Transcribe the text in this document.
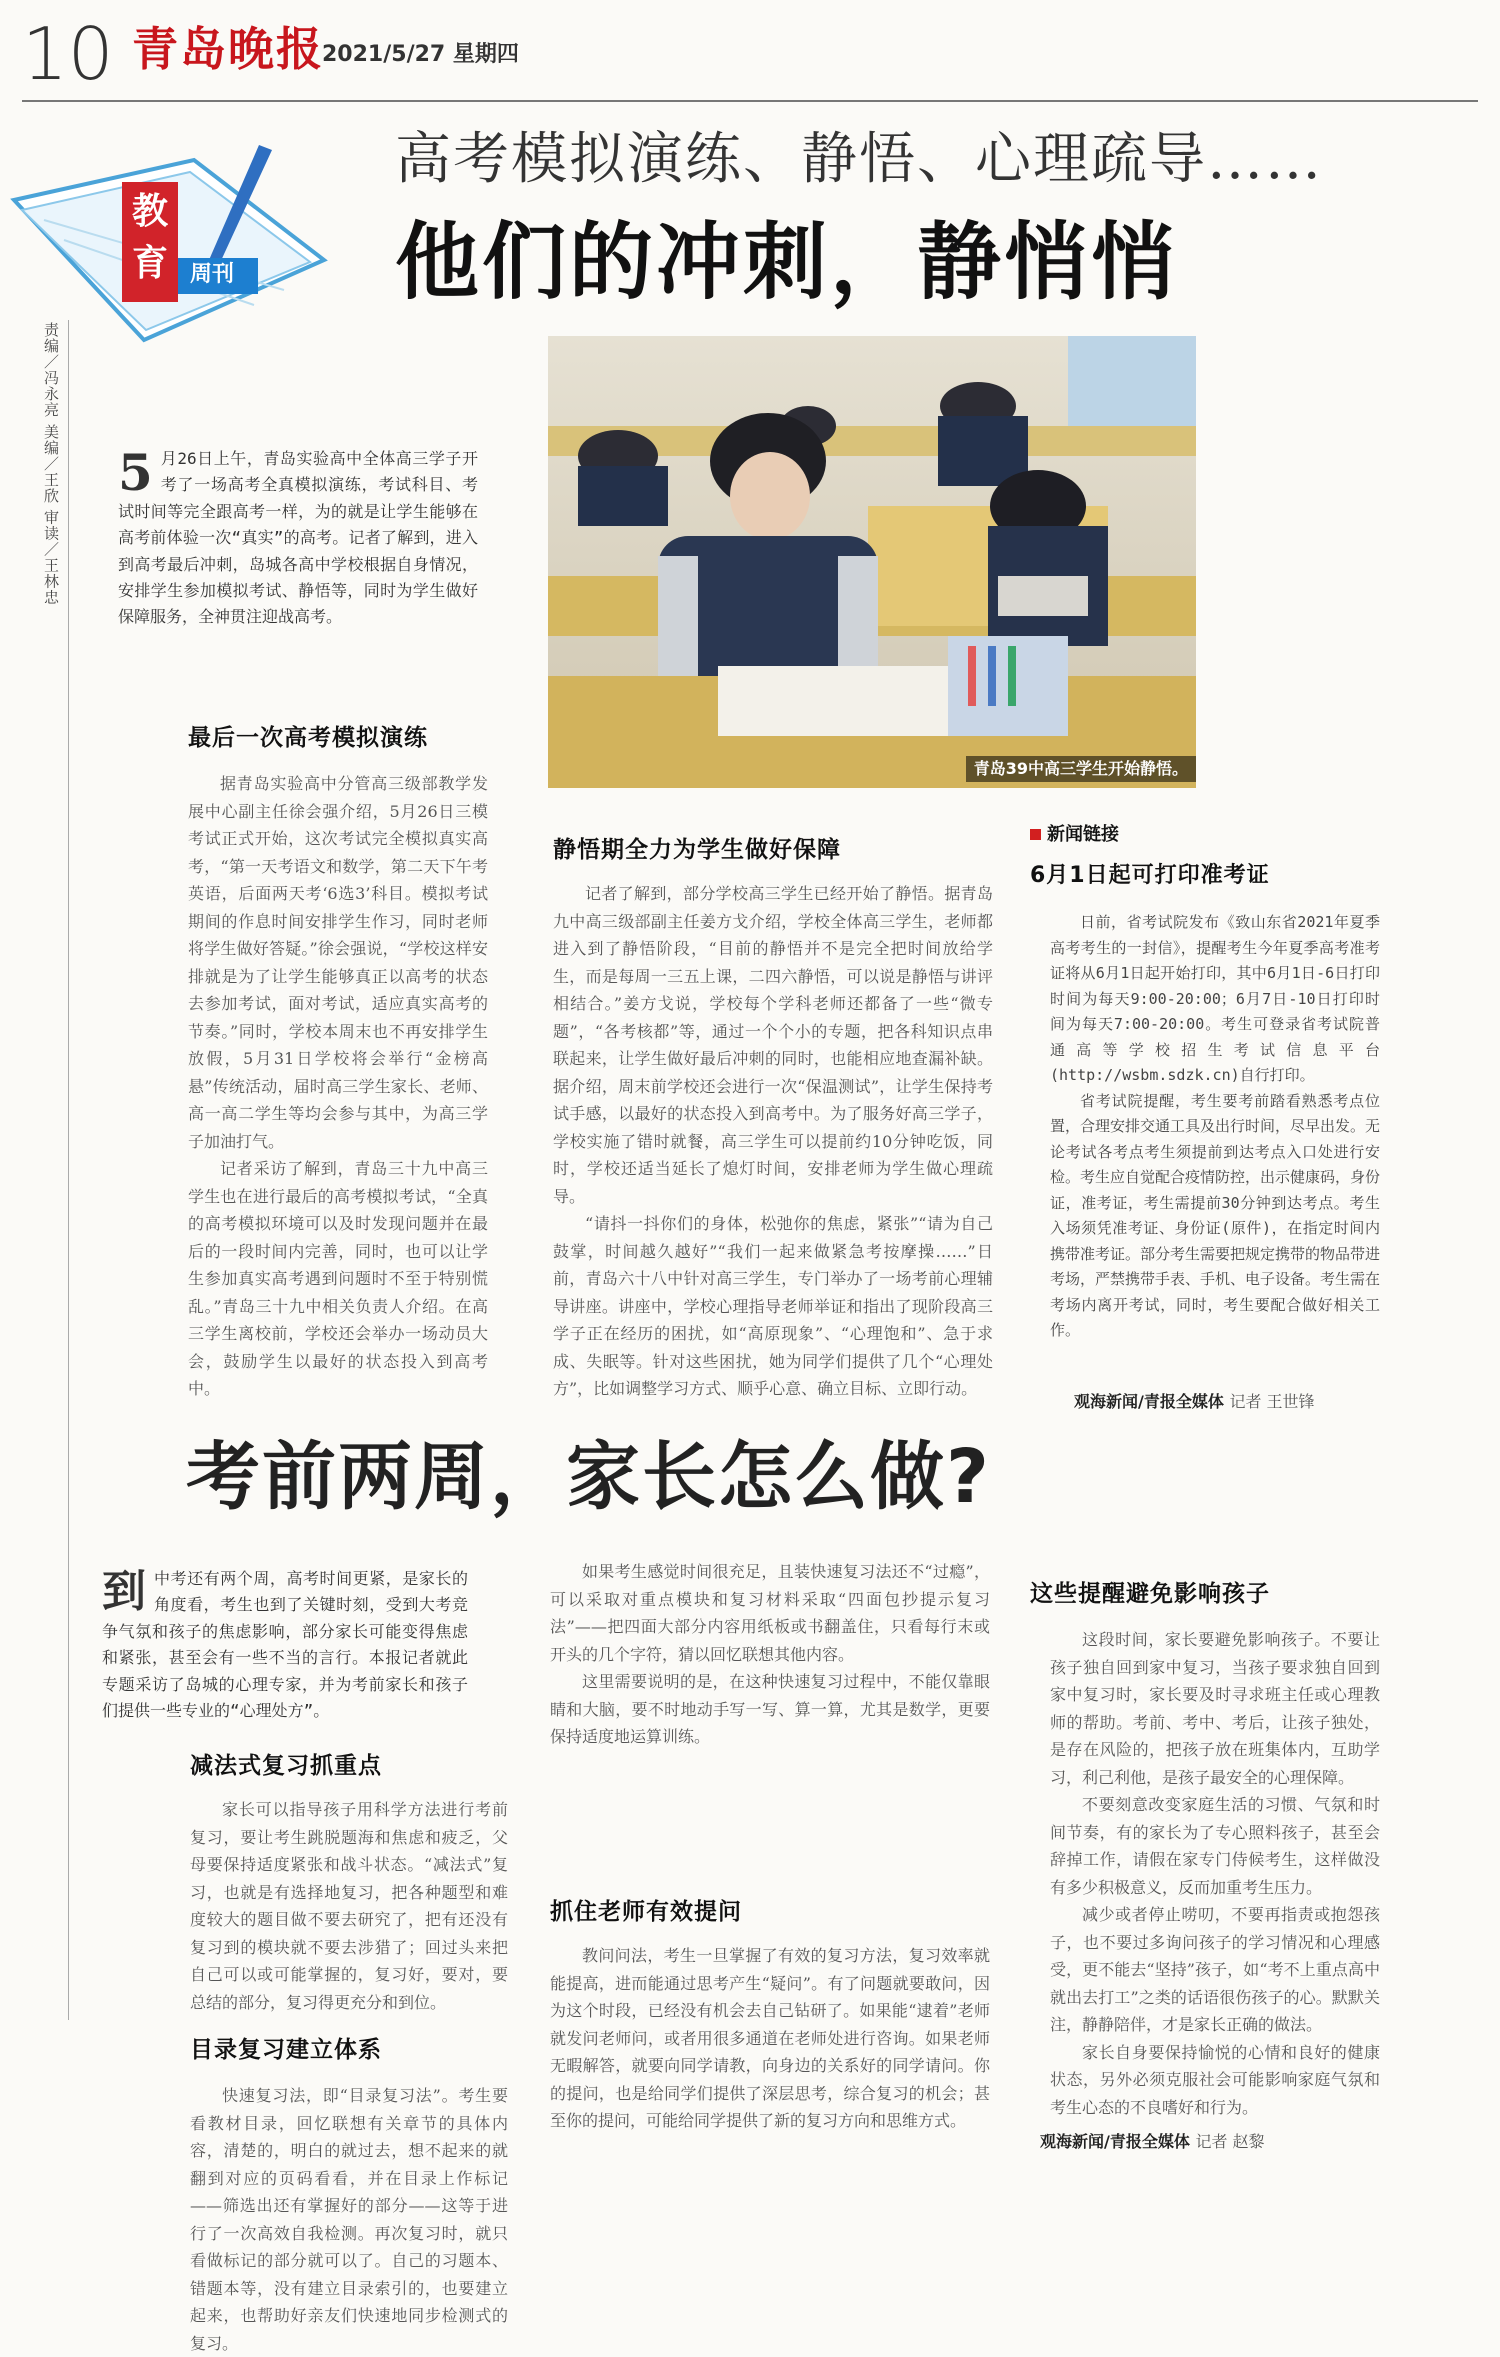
10 青岛晚报
2021/5/27 星期四
教
育 周刊
责编／冯永亮 美编／王欣 审读／王林忠
高考模拟演练、静悟、心理疏导……
他们的冲刺，静悄悄
青岛39中高三学生开始静悟。
5 月26日上午，青岛实验高中全体高三学子开考了一场高考全真模拟演练，考试科目、考试时间等完全跟高考一样，为的就是让学生能够在高考前体验一次“真实”的高考。记者了解到，进入到高考最后冲刺，岛城各高中学校根据自身情况，安排学生参加模拟考试、静悟等，同时为学生做好保障服务，全神贯注迎战高考。
最后一次高考模拟演练

据青岛实验高中分管高三级部教学发展中心副主任徐会强介绍，5月26日三模考试正式开始，这次考试完全模拟真实高考，“第一天考语文和数学，第二天下午考英语，后面两天考‘6选3’科目。模拟考试期间的作息时间安排学生作习，同时老师将学生做好答疑。”徐会强说，“学校这样安排就是为了让学生能够真正以高考的状态去参加考试，面对考试，适应真实高考的节奏。”同时，学校本周末也不再安排学生放假，5月31日学校将会举行“金榜高悬”传统活动，届时高三学生家长、老师、高一高二学生等均会参与其中，为高三学子加油打气。

记者采访了解到，青岛三十九中高三学生也在进行最后的高考模拟考试，“全真的高考模拟环境可以及时发现问题并在最后的一段时间内完善，同时，也可以让学生参加真实高考遇到问题时不至于特别慌乱。”青岛三十九中相关负责人介绍。在高三学生离校前，学校还会举办一场动员大会，鼓励学生以最好的状态投入到高考中。

静悟期全力为学生做好保障

记者了解到，部分学校高三学生已经开始了静悟。据青岛九中高三级部副主任姜方戈介绍，学校全体高三学生，老师都进入到了静悟阶段，“目前的静悟并不是完全把时间放给学生，而是每周一三五上课，二四六静悟，可以说是静悟与讲评相结合。”姜方戈说，学校每个学科老师还都备了一些“微专题”，“各考核都”等，通过一个个小的专题，把各科知识点串联起来，让学生做好最后冲刺的同时，也能相应地查漏补缺。据介绍，周末前学校还会进行一次“保温测试”，让学生保持考试手感，以最好的状态投入到高考中。为了服务好高三学子，学校实施了错时就餐，高三学生可以提前约10分钟吃饭，同时，学校还适当延长了熄灯时间，安排老师为学生做心理疏导。

“请抖一抖你们的身体，松弛你的焦虑，紧张”“请为自己鼓掌，时间越久越好”“我们一起来做紧急考按摩操……”日前，青岛六十八中针对高三学生，专门举办了一场考前心理辅导讲座。讲座中，学校心理指导老师举证和指出了现阶段高三学子正在经历的困扰，如“高原现象”、“心理饱和”、急于求成、失眠等。针对这些困扰，她为同学们提供了几个“心理处方”，比如调整学习方式、顺乎心意、确立目标、立即行动。

新闻链接
6月1日起可打印准考证

日前，省考试院发布《致山东省2021年夏季高考考生的一封信》，提醒考生今年夏季高考准考证将从6月1日起开始打印，其中6月1日-6日打印时间为每天9:00-20:00；6月7日-10日打印时间为每天7:00-20:00。考生可登录省考试院普通高等学校招生考试信息平台(http://wsbm.sdzk.cn)自行打印。

省考试院提醒，考生要考前踏看熟悉考点位置，合理安排交通工具及出行时间，尽早出发。无论考试各考点考生须提前到达考点入口处进行安检。考生应自觉配合疫情防控，出示健康码，身份证，准考证，考生需提前30分钟到达考点。考生入场须凭准考证、身份证(原件)，在指定时间内携带准考证。部分考生需要把规定携带的物品带进考场，严禁携带手表、手机、电子设备。考生需在考场内离开考试，同时，考生要配合做好相关工作。

观海新闻/青报全媒体 记者 王世锋
考前两周，家长怎么做?
到 中考还有两个周，高考时间更紧，是家长的角度看，考生也到了关键时刻，受到大考竞争气氛和孩子的焦虑影响，部分家长可能变得焦虑和紧张，甚至会有一些不当的言行。本报记者就此专题采访了岛城的心理专家，并为考前家长和孩子们提供一些专业的“心理处方”。
减法式复习抓重点

家长可以指导孩子用科学方法进行考前复习，要让考生跳脱题海和焦虑和疲乏，父母要保持适度紧张和战斗状态。“减法式”复习，也就是有选择地复习，把各种题型和难度较大的题目做不要去研究了，把有还没有复习到的模块就不要去涉猎了；回过头来把自己可以或可能掌握的，复习好，要对，要总结的部分，复习得更充分和到位。

目录复习建立体系

快速复习法，即“目录复习法”。考生要看教材目录，回忆联想有关章节的具体内容，清楚的，明白的就过去，想不起来的就翻到对应的页码看看，并在目录上作标记——筛选出还有掌握好的部分——这等于进行了一次高效自我检测。再次复习时，就只看做标记的部分就可以了。自己的习题本、错题本等，没有建立目录索引的，也要建立起来，也帮助好亲友们快速地同步检测式的复习。

如果考生感觉时间很充足，且装快速复习法还不“过瘾”，可以采取对重点模块和复习材料采取“四面包抄提示复习法”——把四面大部分内容用纸板或书翻盖住，只看每行末或开头的几个字符，猜以回忆联想其他内容。

这里需要说明的是，在这种快速复习过程中，不能仅靠眼睛和大脑，要不时地动手写一写、算一算，尤其是数学，更要保持适度地运算训练。

抓住老师有效提问

教问问法，考生一旦掌握了有效的复习方法，复习效率就能提高，进而能通过思考产生“疑问”。有了问题就要敢问，因为这个时段，已经没有机会去自己钻研了。如果能“逮着”老师就发问老师问，或者用很多通道在老师处进行咨询。如果老师无暇解答，就要向同学请教，向身边的关系好的同学请问。你的提问，也是给同学们提供了深层思考，综合复习的机会；甚至你的提问，可能给同学提供了新的复习方向和思维方式。

这些提醒避免影响孩子

这段时间，家长要避免影响孩子。不要让孩子独自回到家中复习，当孩子要求独自回到家中复习时，家长要及时寻求班主任或心理教师的帮助。考前、考中、考后，让孩子独处，是存在风险的，把孩子放在班集体内，互助学习，利己利他，是孩子最安全的心理保障。

不要刻意改变家庭生活的习惯、气氛和时间节奏，有的家长为了专心照料孩子，甚至会辞掉工作，请假在家专门侍候考生，这样做没有多少积极意义，反而加重考生压力。

减少或者停止唠叨，不要再指责或抱怨孩子，也不要过多询问孩子的学习情况和心理感受，更不能去“坚持”孩子，如“考不上重点高中就出去打工”之类的话语很伤孩子的心。默默关注，静静陪伴，才是家长正确的做法。

家长自身要保持愉悦的心情和良好的健康状态，另外必须克服社会可能影响家庭气氛和考生心态的不良嗜好和行为。

观海新闻/青报全媒体 记者 赵黎
